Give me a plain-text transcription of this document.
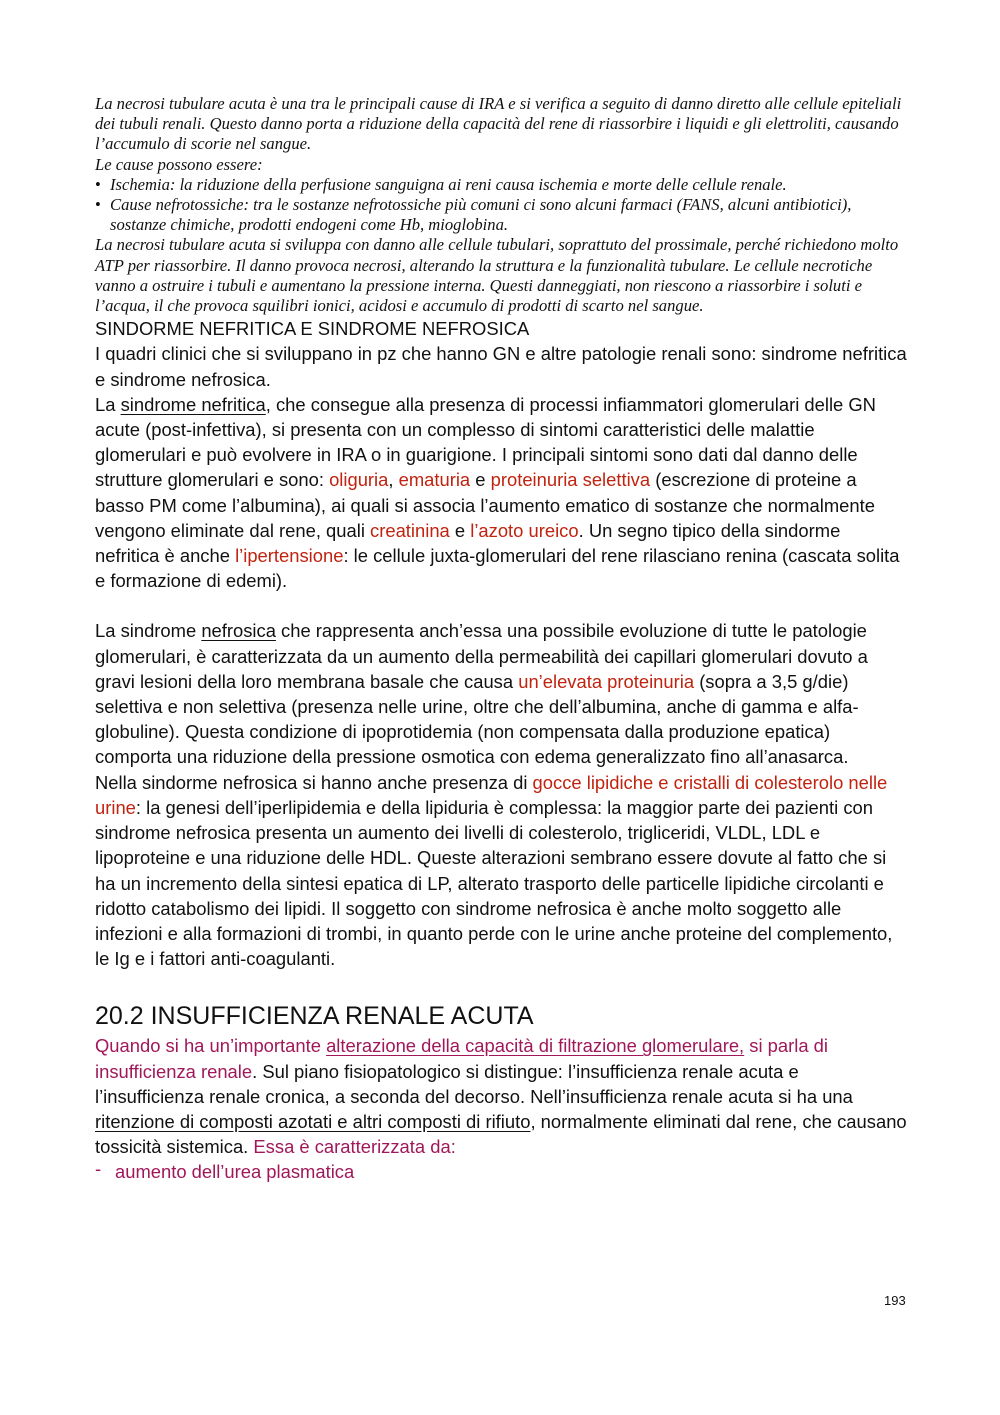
La necrosi tubulare acuta è una tra le principali cause di IRA e si verifica a seguito di danno diretto alle cellule epiteliali dei tubuli renali. Questo danno porta a riduzione della capacità del rene di riassorbire i liquidi e gli elettroliti, causando l’accumulo di scorie nel sangue.

Le cause possono essere:

• Ischemia: la riduzione della perfusione sanguigna ai reni causa ischemia e morte delle cellule renale.
• Cause nefrotossiche: tra le sostanze nefrotossiche più comuni ci sono alcuni farmaci (FANS, alcuni antibiotici), sostanze chimiche, prodotti endogeni come Hb, mioglobina.

La necrosi tubulare acuta si sviluppa con danno alle cellule tubulari, soprattuto del prossimale, perché richiedono molto ATP per riassorbire. Il danno provoca necrosi, alterando la struttura e la funzionalità tubulare. Le cellule necrotiche vanno a ostruire i tubuli e aumentano la pressione interna. Questi danneggiati, non riescono a riassorbire i soluti e l’acqua, il che provoca squilibri ionici, acidosi e accumulo di prodotti di scarto nel sangue.

SINDORME NEFRITICA E SINDROME NEFROSICA

I quadri clinici che si sviluppano in pz che hanno GN e altre patologie renali sono: sindrome nefritica e sindrome nefrosica.

La sindrome nefritica, che consegue alla presenza di processi infiammatori glomerulari delle GN acute (post-infettiva), si presenta con un complesso di sintomi caratteristici delle malattie glomerulari e può evolvere in IRA o in guarigione. I principali sintomi sono dati dal danno delle strutture glomerulari e sono: oliguria, ematuria e proteinuria selettiva (escrezione di proteine a basso PM come l’albumina), ai quali si associa l’aumento ematico di sostanze che normalmente vengono eliminate dal rene, quali creatinina e l’azoto ureico. Un segno tipico della sindorme nefritica è anche l’ipertensione: le cellule juxta-glomerulari del rene rilasciano renina (cascata solita e formazione di edemi).

La sindrome nefrosica che rappresenta anch’essa una possibile evoluzione di tutte le patologie glomerulari, è caratterizzata da un aumento della permeabilità dei capillari glomerulari dovuto a gravi lesioni della loro membrana basale che causa un’elevata proteinuria (sopra a 3,5 g/die) selettiva e non selettiva (presenza nelle urine, oltre che dell’albumina, anche di gamma e alfa-globuline). Questa condizione di ipoprotidemia (non compensata dalla produzione epatica) comporta una riduzione della pressione osmotica con edema generalizzato fino all’anasarca.

Nella sindorme nefrosica si hanno anche presenza di gocce lipidiche e cristalli di colesterolo nelle urine: la genesi dell’iperlipidemia e della lipiduria è complessa: la maggior parte dei pazienti con sindrome nefrosica presenta un aumento dei livelli di colesterolo, trigliceridi, VLDL, LDL e lipoproteine e una riduzione delle HDL. Queste alterazioni sembrano essere dovute al fatto che si ha un incremento della sintesi epatica di LP, alterato trasporto delle particelle lipidiche circolanti e ridotto catabolismo dei lipidi. Il soggetto con sindrome nefrosica è anche molto soggetto alle infezioni e alla formazioni di trombi, in quanto perde con le urine anche proteine del complemento, le Ig e i fattori anti-coagulanti.

20.2 INSUFFICIENZA RENALE ACUTA

Quando si ha un’importante alterazione della capacità di filtrazione glomerulare, si parla di insufficienza renale. Sul piano fisiopatologico si distingue: l’insufficienza renale acuta e l’insufficienza renale cronica, a seconda del decorso. Nell’insufficienza renale acuta si ha una ritenzione di composti azotati e altri composti di rifiuto, normalmente eliminati dal rene, che causano tossicità sistemica. Essa è caratterizzata da:

- aumento dell’urea plasmatica
193
